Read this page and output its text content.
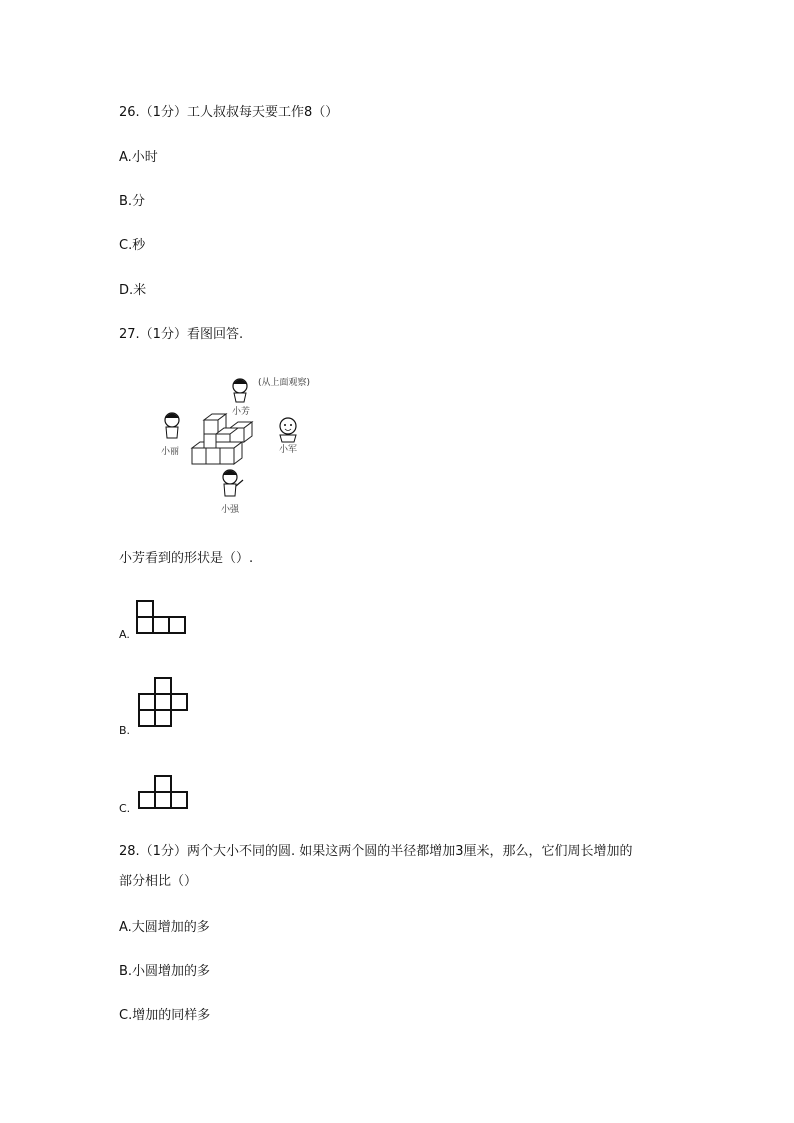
26.（1分）工人叔叔每天要工作8（）
A.小时
B.分
C.秒
D.米
27.（1分）看图回答.
(从上面观察)
小芳
小丽	小军
小强
小芳看到的形状是（）.
A.
B.
C.
28.（1分）两个大小不同的圆. 如果这两个圆的半径都增加3厘米，那么，它们周长增加的
部分相比（）
A.大圆增加的多
B.小圆增加的多
C.增加的同样多
